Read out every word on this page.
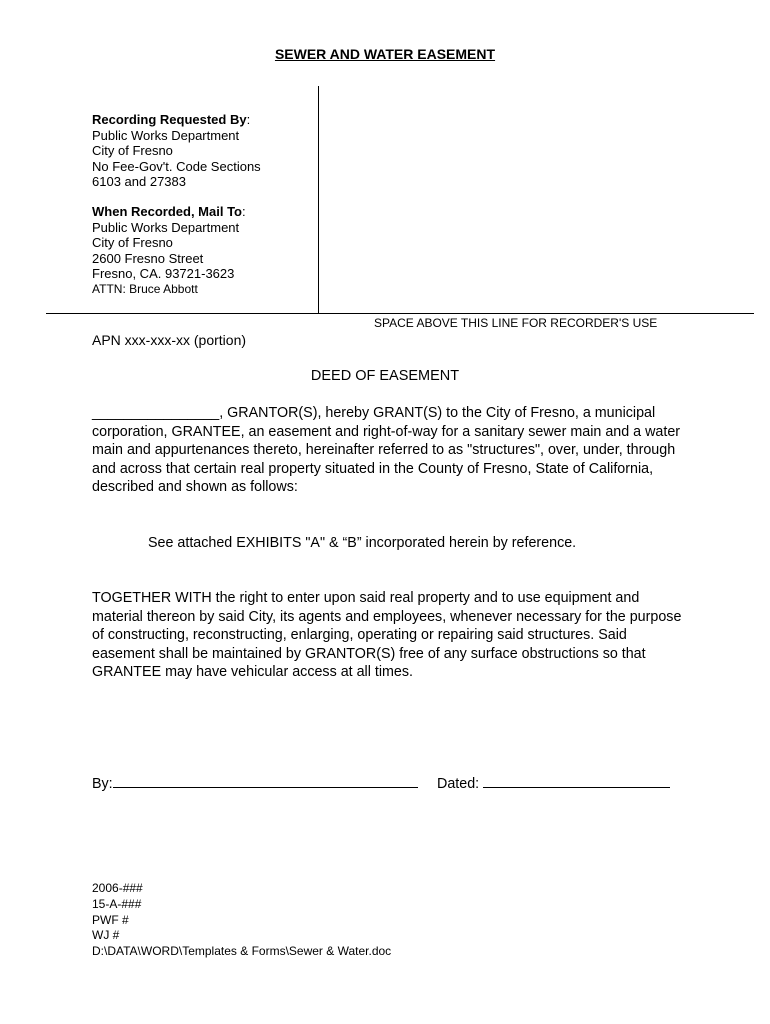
SEWER AND WATER EASEMENT
Recording Requested By:
Public Works Department
City of Fresno
No Fee-Gov't. Code Sections
6103 and 27383
When Recorded, Mail To:
Public Works Department
City of Fresno
2600 Fresno Street
Fresno, CA. 93721-3623
ATTN: Bruce Abbott
SPACE ABOVE THIS LINE FOR RECORDER'S USE
APN xxx-xxx-xx (portion)
DEED OF EASEMENT
________________, GRANTOR(S), hereby GRANT(S) to the City of Fresno, a municipal corporation, GRANTEE, an easement and right-of-way for a sanitary sewer main and a water main and appurtenances thereto, hereinafter referred to as "structures", over, under, through and across that certain real property situated in the County of Fresno, State of California, described and shown as follows:
See attached EXHIBITS "A" & “B” incorporated herein by reference.
TOGETHER WITH the right to enter upon said real property and to use equipment and material thereon by said City, its agents and employees, whenever necessary for the purpose of constructing, reconstructing, enlarging, operating or repairing said structures. Said easement shall be maintained by GRANTOR(S) free of any surface obstructions so that GRANTEE may have vehicular access at all times.
By:	Dated:
2006-###
15-A-###
PWF #
WJ #
D:\DATA\WORD\Templates & Forms\Sewer & Water.doc
